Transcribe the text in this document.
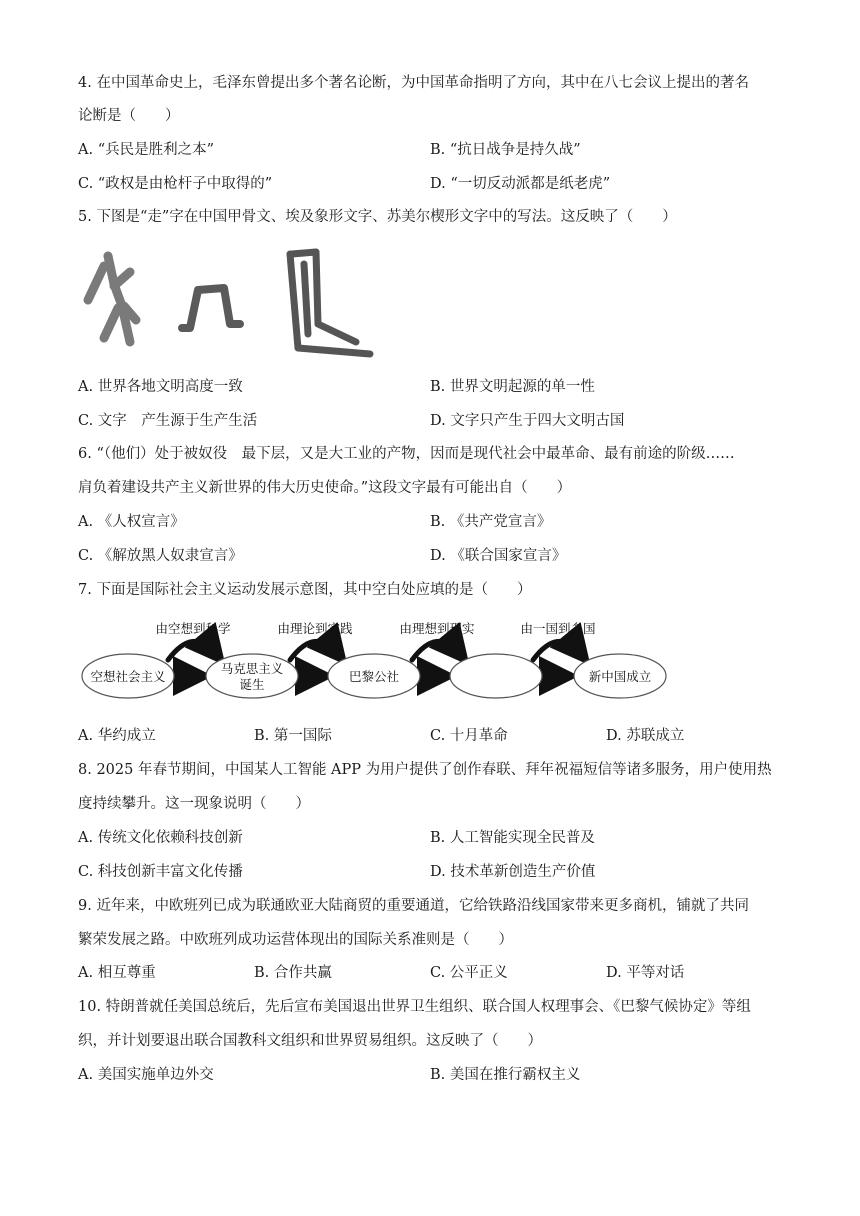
4. 在中国革命史上，毛泽东曾提出多个著名论断，为中国革命指明了方向，其中在八七会议上提出的著名
论断是（　　）
A. “兵民是胜利之本”	B. “抗日战争是持久战”
C. “政权是由枪杆子中取得的”	D. “一切反动派都是纸老虎”
5. 下图是“走”字在中国甲骨文、埃及象形文字、苏美尔楔形文字中的写法。这反映了（　　）
A. 世界各地文明高度一致	B. 世界文明起源的单一性
C. 文字　产生源于生产生活	D. 文字只产生于四大文明古国
6. “（他们）处于被奴役　最下层，又是大工业的产物，因而是现代社会中最革命、最有前途的阶级……
肩负着建设共产主义新世界的伟大历史使命。”这段文字最有可能出自（　　）
A. 《人权宣言》	B. 《共产党宣言》
C. 《解放黑人奴隶宣言》	D. 《联合国家宣言》
7. 下面是国际社会主义运动发展示意图，其中空白处应填的是（　　）
由空想到科学	由理论到实践	由理想到现实	由一国到多国
空想社会主义
马克思主义
诞生
巴黎公社	新中国成立
A. 华约成立	B. 第一国际	C. 十月革命	D. 苏联成立
8. 2025 年春节期间，中国某人工智能 APP 为用户提供了创作春联、拜年祝福短信等诸多服务，用户使用热
度持续攀升。这一现象说明（　　）
A. 传统文化依赖科技创新	B. 人工智能实现全民普及
C. 科技创新丰富文化传播	D. 技术革新创造生产价值
9. 近年来，中欧班列已成为联通欧亚大陆商贸的重要通道，它给铁路沿线国家带来更多商机，铺就了共同
繁荣发展之路。中欧班列成功运营体现出的国际关系准则是（　　）
A. 相互尊重	B. 合作共赢	C. 公平正义	D. 平等对话
10. 特朗普就任美国总统后，先后宣布美国退出世界卫生组织、联合国人权理事会、《巴黎气候协定》等组
织，并计划要退出联合国教科文组织和世界贸易组织。这反映了（　　）
A. 美国实施单边外交	B. 美国在推行霸权主义
